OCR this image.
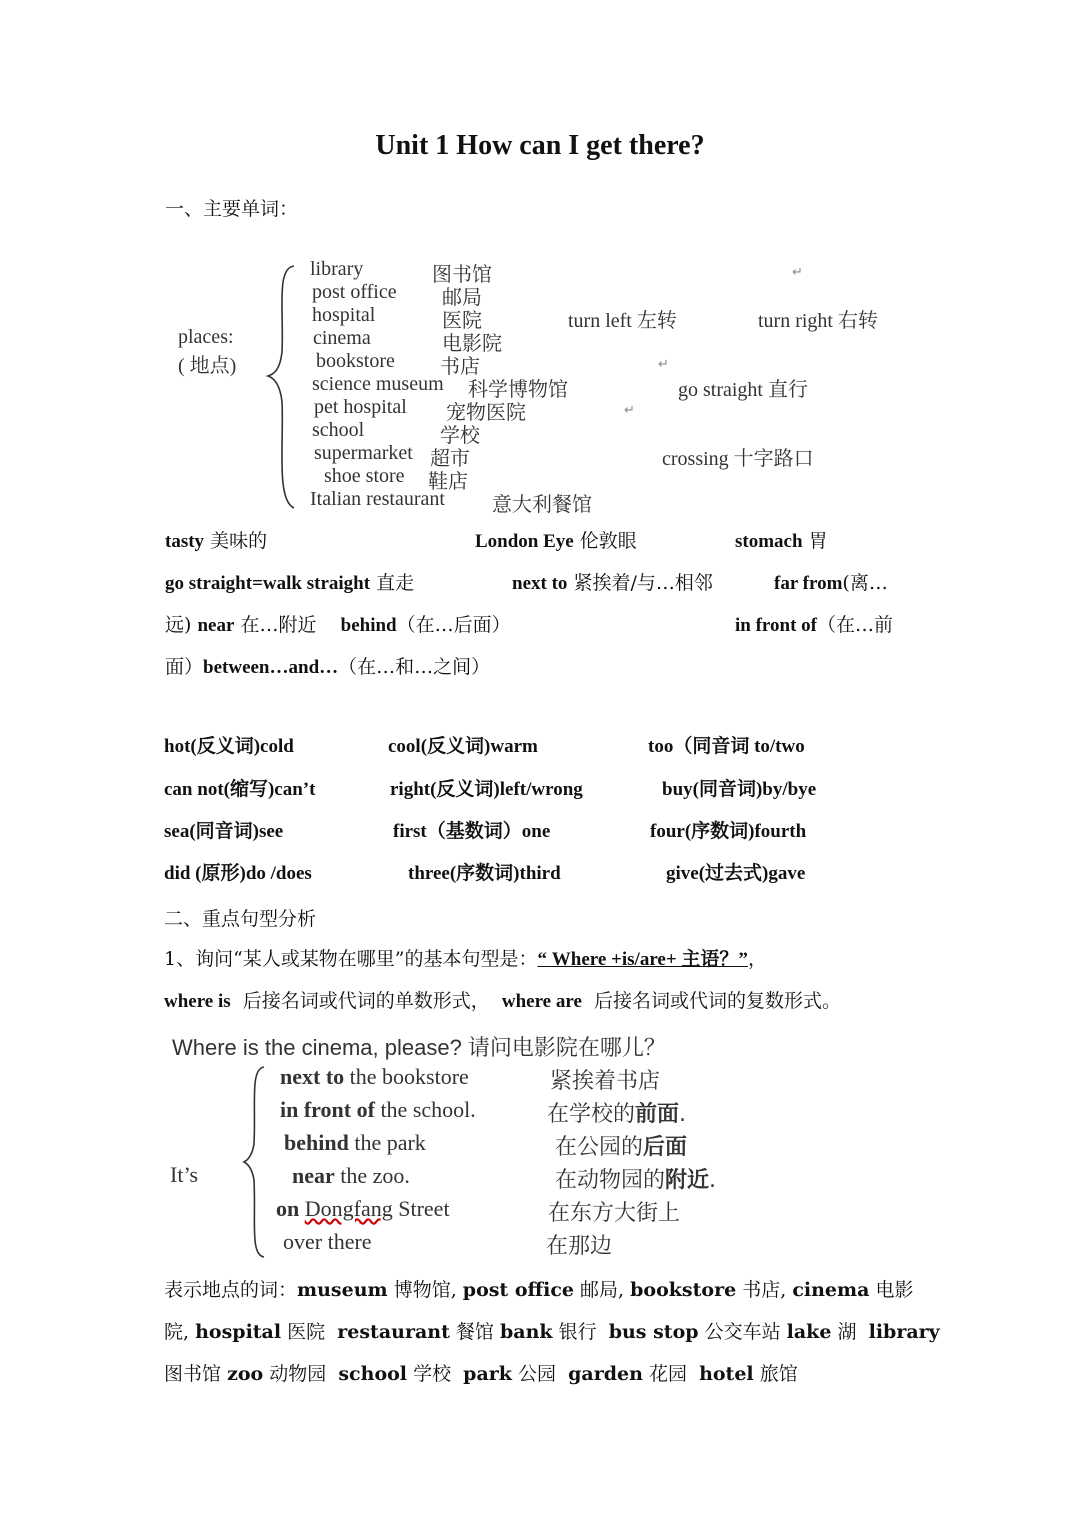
Unit 1 How can I get there?
一、主要单词：
places:
( 地点)
library	图书馆	↵
post office 邮局
hospital	医院	turn left 左转	turn right 右转
cinema	电影院
bookstore 书店	↵
science museum 科学博物馆	go straight 直行
pet hospital 宠物医院	↵
school	学校
supermarket 超市	crossing 十字路口
shoe store 鞋店
Italian restaurant 意大利餐馆
tasty 美味的	London Eye 伦敦眼	stomach 胃
go straight=walk straight 直走	next to 紧挨着/与…相邻	far from(离…
远) near 在…附近 behind（在…后面）	in front of（在…前
面）between…and…（在…和…之间）
hot(反义词)cold	cool(反义词)warm	too（同音词 to/two
can not(缩写)can’t	right(反义词)left/wrong	buy(同音词)by/bye
sea(同音词)see	first（基数词）one	four(序数词)fourth
did (原形)do /does	three(序数词)third	give(过去式)gave
二、重点句型分析
1、询问“某人或某物在哪里”的基本句型是：“ Where +is/are+ 主语？”，
where is 后接名词或代词的单数形式， where are 后接名词或代词的复数形式。
Where is the cinema, please? 请问电影院在哪儿？
It’s
next to the bookstore	紧挨着书店
in front of the school.	在学校的前面.
behind the park	在公园的后面
near the zoo.	在动物园的附近.
on Dongfang Street	在东方大街上
over there	在那边
表示地点的词：museum 博物馆, post office 邮局, bookstore 书店, cinema 电影
院, hospital 医院 restaurant 餐馆 bank 银行 bus stop 公交车站 lake 湖 library
图书馆 zoo 动物园 school 学校 park 公园 garden 花园 hotel 旅馆
